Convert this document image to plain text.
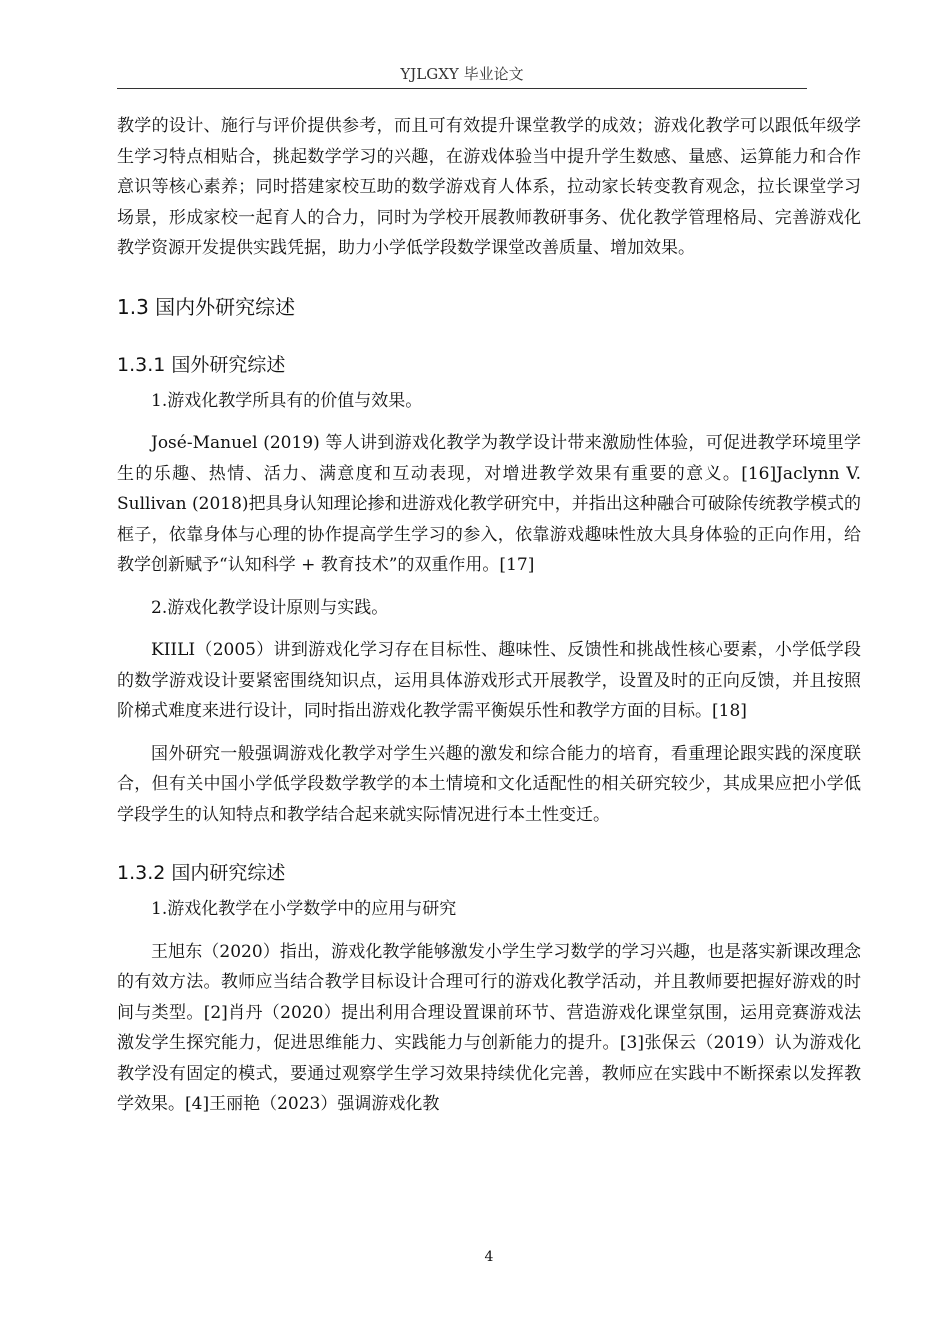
YJLGXY 毕业论文

教学的设计、施行与评价提供参考，而且可有效提升课堂教学的成效；游戏化教学可以跟低年级学生学习特点相贴合，挑起数学学习的兴趣，在游戏体验当中提升学生数感、量感、运算能力和合作意识等核心素养；同时搭建家校互助的数学游戏育人体系，拉动家长转变教育观念，拉长课堂学习场景，形成家校一起育人的合力，同时为学校开展教师教研事务、优化教学管理格局、完善游戏化教学资源开发提供实践凭据，助力小学低学段数学课堂改善质量、增加效果。

1.3 国内外研究综述
1.3.1 国外研究综述

1.游戏化教学所具有的价值与效果。

José-Manuel (2019) 等人讲到游戏化教学为教学设计带来激励性体验，可促进教学环境里学生的乐趣、热情、活力、满意度和互动表现，对增进教学效果有重要的意义。[16]Jaclynn V. Sullivan (2018)把具身认知理论掺和进游戏化教学研究中，并指出这种融合可破除传统教学模式的框子，依靠身体与心理的协作提高学生学习的参入，依靠游戏趣味性放大具身体验的正向作用，给教学创新赋予“认知科学 + 教育技术”的双重作用。[17]

2.游戏化教学设计原则与实践。

KIILI（2005）讲到游戏化学习存在目标性、趣味性、反馈性和挑战性核心要素，小学低学段的数学游戏设计要紧密围绕知识点，运用具体游戏形式开展教学，设置及时的正向反馈，并且按照阶梯式难度来进行设计，同时指出游戏化教学需平衡娱乐性和教学方面的目标。[18]

国外研究一般强调游戏化教学对学生兴趣的激发和综合能力的培育，看重理论跟实践的深度联合，但有关中国小学低学段数学教学的本土情境和文化适配性的相关研究较少，其成果应把小学低学段学生的认知特点和教学结合起来就实际情况进行本土性变迁。

1.3.2 国内研究综述

1.游戏化教学在小学数学中的应用与研究

王旭东（2020）指出，游戏化教学能够激发小学生学习数学的学习兴趣，也是落实新课改理念的有效方法。教师应当结合教学目标设计合理可行的游戏化教学活动，并且教师要把握好游戏的时间与类型。[2]肖丹（2020）提出利用合理设置课前环节、营造游戏化课堂氛围，运用竞赛游戏法激发学生探究能力，促进思维能力、实践能力与创新能力的提升。[3]张保云（2019）认为游戏化教学没有固定的模式，要通过观察学生学习效果持续优化完善，教师应在实践中不断探索以发挥教学效果。[4]王丽艳（2023）强调游戏化教

4
